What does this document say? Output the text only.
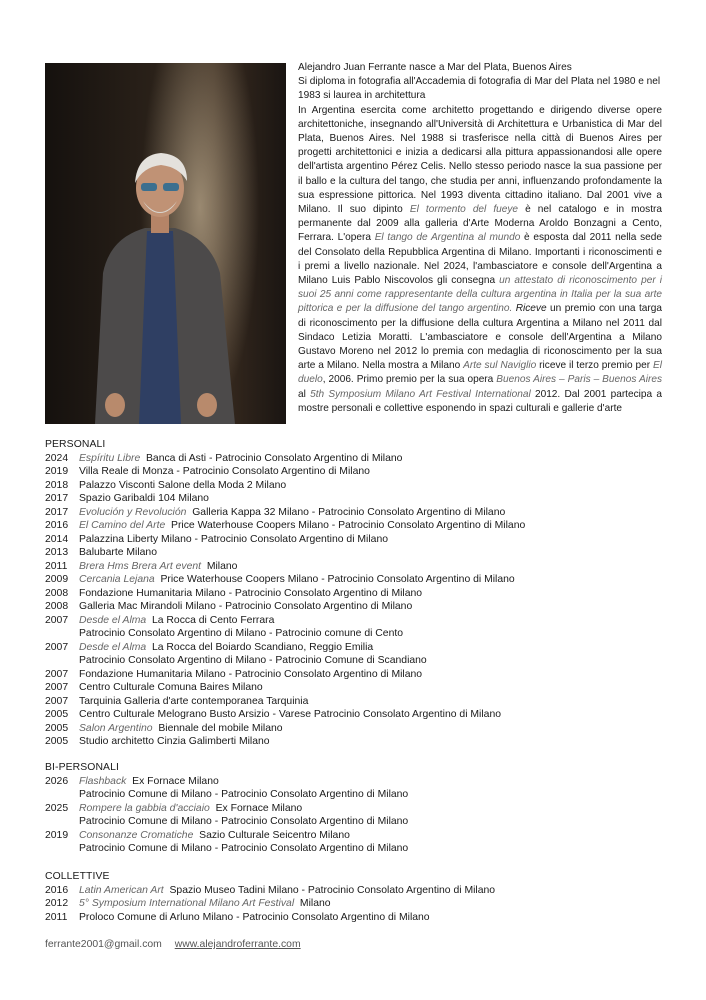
Alejandro Juan Ferrante nasce a Mar del Plata, Buenos Aires

Si diploma in fotografia all'Accademia di fotografia di Mar del Plata nel 1980 e nel 1983 si laurea in architettura

In Argentina esercita come architetto progettando e dirigendo diverse opere architettoniche, insegnando all'Università di Architettura e Urbanistica di Mar del Plata, Buenos Aires. Nel 1988 si trasferisce nella città di Buenos Aires per progetti architettonici e inizia a dedicarsi alla pittura appassionandosi alle opere dell'artista argentino Pérez Celis. Nello stesso periodo nasce la sua passione per il ballo e la cultura del tango, che studia per anni, influenzando profondamente la sua espressione pittorica. Nel 1993 diventa cittadino italiano. Dal 2001 vive a Milano. Il suo dipinto El tormento del fueye è nel catalogo e in mostra permanente dal 2009 alla galleria d'Arte Moderna Aroldo Bonzagni a Cento, Ferrara. L'opera El tango de Argentina al mundo è esposta dal 2011 nella sede del Consolato della Repubblica Argentina di Milano. Importanti i riconoscimenti e i premi a livello nazionale. Nel 2024, l'ambasciatore e console dell'Argentina a Milano Luis Pablo Niscovolos gli consegna un attestato di riconoscimento per i suoi 25 anni come rappresentante della cultura argentina in Italia per la sua arte pittorica e per la diffusione del tango argentino. Riceve un premio con una targa di riconoscimento per la diffusione della cultura Argentina a Milano nel 2011 dal Sindaco Letizia Moratti. L'ambasciatore e console dell'Argentina a Milano Gustavo Moreno nel 2012 lo premia con medaglia di riconoscimento per la sua arte a Milano. Nella mostra a Milano Arte sul Naviglio riceve il terzo premio per El duelo, 2006. Primo premio per la sua opera Buenos Aires – Paris – Buenos Aires al 5th Symposium Milano Art Festival International 2012. Dal 2001 partecipa a mostre personali e collettive esponendo in spazi culturali e gallerie d'arte

PERSONALI
2024	Espíritu Libre Banca di Asti - Patrocinio Consolato Argentino di Milano
2019	Villa Reale di Monza - Patrocinio Consolato Argentino di Milano
2018	Palazzo Visconti Salone della Moda 2 Milano
2017	Spazio Garibaldi 104 Milano
2017	Evolución y Revolución Galleria Kappa 32 Milano - Patrocinio Consolato Argentino di Milano
2016	El Camino del Arte Price Waterhouse Coopers Milano - Patrocinio Consolato Argentino di Milano
2014	Palazzina Liberty Milano - Patrocinio Consolato Argentino di Milano
2013	Balubarte Milano
2011	Brera Hms Brera Art event Milano
2009	Cercania Lejana Price Waterhouse Coopers Milano - Patrocinio Consolato Argentino di Milano
2008	Fondazione Humanitaria Milano - Patrocinio Consolato Argentino di Milano
2008	Galleria Mac Mirandoli Milano - Patrocinio Consolato Argentino di Milano
2007	Desde el Alma La Rocca di Cento Ferrara
Patrocinio Consolato Argentino di Milano - Patrocinio comune di Cento
2007	Desde el Alma La Rocca del Boiardo Scandiano, Reggio Emilia
Patrocinio Consolato Argentino di Milano - Patrocinio Comune di Scandiano
2007	Fondazione Humanitaria Milano - Patrocinio Consolato Argentino di Milano
2007	Centro Culturale Comuna Baires Milano
2007	Tarquinia Galleria d'arte contemporanea Tarquinia
2005	Centro Culturale Melograno Busto Arsizio - Varese Patrocinio Consolato Argentino di Milano
2005	Salon Argentino Biennale del mobile Milano
2005	Studio architetto Cinzia Galimberti Milano
BI-PERSONALI
2026	Flashback Ex Fornace Milano
Patrocinio Comune di Milano - Patrocinio Consolato Argentino di Milano
2025	Rompere la gabbia d'acciaio Ex Fornace Milano
Patrocinio Comune di Milano - Patrocinio Consolato Argentino di Milano
2019	Consonanze Cromatiche Sazio Culturale Seicentro Milano
Patrocinio Comune di Milano - Patrocinio Consolato Argentino di Milano
COLLETTIVE
2016	Latin American Art Spazio Museo Tadini Milano - Patrocinio Consolato Argentino di Milano
2012	5° Symposium International Milano Art Festival Milano
2011	Proloco Comune di Arluno Milano - Patrocinio Consolato Argentino di Milano
ferrante2001@gmail.com www.alejandroferrante.com
